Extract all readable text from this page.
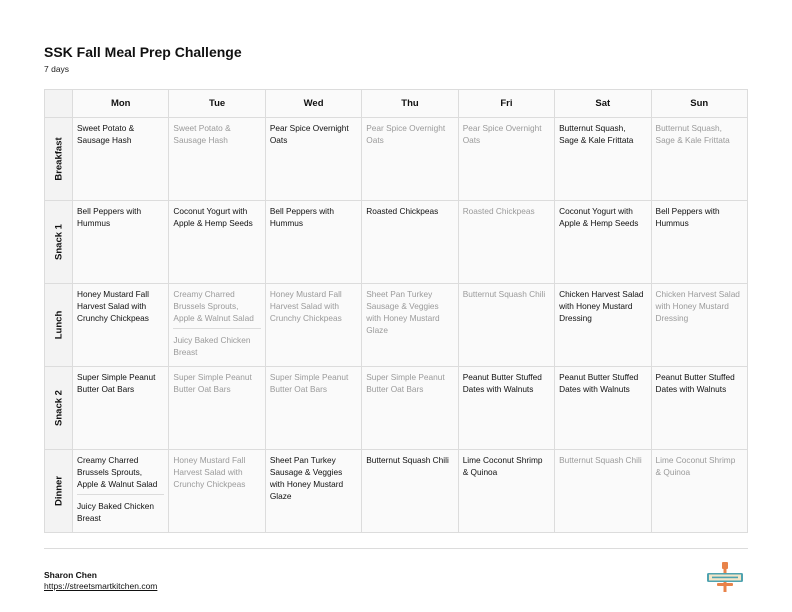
SSK Fall Meal Prep Challenge
7 days
	Mon	Tue	Wed	Thu	Fri	Sat	Sun

Breakfast	Sweet Potato & Sausage Hash	Sweet Potato & Sausage Hash	Pear Spice Overnight Oats	Pear Spice Overnight Oats	Pear Spice Overnight Oats	Butternut Squash, Sage & Kale Frittata	Butternut Squash, Sage & Kale Frittata

Snack 1	Bell Peppers with Hummus	Coconut Yogurt with Apple & Hemp Seeds	Bell Peppers with Hummus	Roasted Chickpeas	Roasted Chickpeas	Coconut Yogurt with Apple & Hemp Seeds	Bell Peppers with Hummus

Lunch	Honey Mustard Fall Harvest Salad with Crunchy Chickpeas	Creamy Charred Brussels Sprouts, Apple & Walnut Salad
Juicy Baked Chicken Breast	Honey Mustard Fall Harvest Salad with Crunchy Chickpeas	Sheet Pan Turkey Sausage & Veggies with Honey Mustard Glaze	Butternut Squash Chili	Chicken Harvest Salad with Honey Mustard Dressing	Chicken Harvest Salad with Honey Mustard Dressing

Snack 2	Super Simple Peanut Butter Oat Bars	Super Simple Peanut Butter Oat Bars	Super Simple Peanut Butter Oat Bars	Super Simple Peanut Butter Oat Bars	Peanut Butter Stuffed Dates with Walnuts	Peanut Butter Stuffed Dates with Walnuts	Peanut Butter Stuffed Dates with Walnuts

Dinner	Creamy Charred Brussels Sprouts, Apple & Walnut Salad
Juicy Baked Chicken Breast	Honey Mustard Fall Harvest Salad with Crunchy Chickpeas	Sheet Pan Turkey Sausage & Veggies with Honey Mustard Glaze	Butternut Squash Chili	Lime Coconut Shrimp & Quinoa	Butternut Squash Chili	Lime Coconut Shrimp & Quinoa
Sharon Chen
https://streetsmartkitchen.com
